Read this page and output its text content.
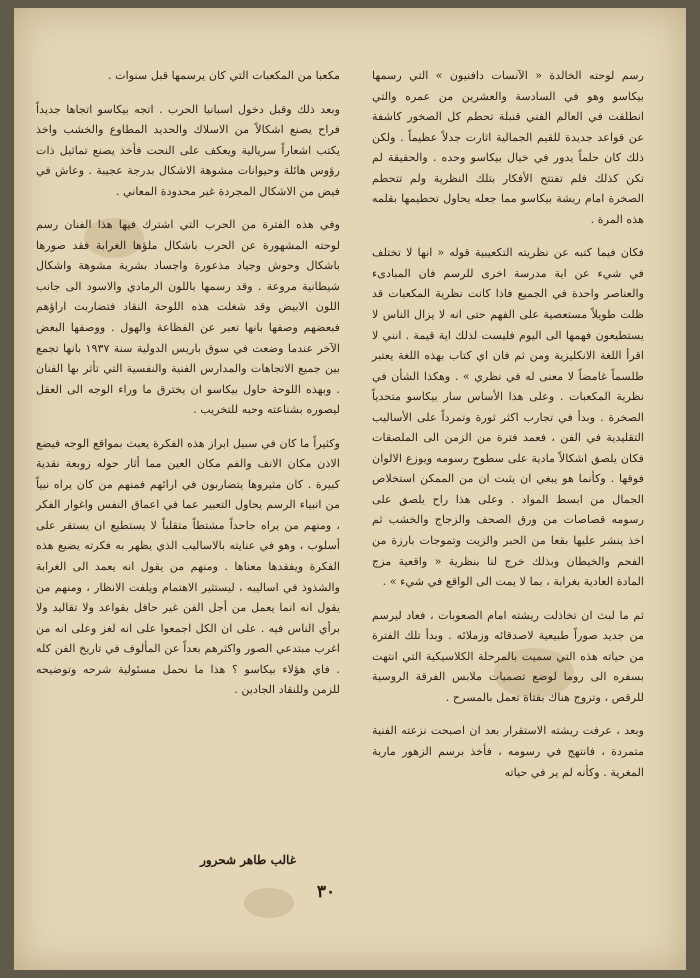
رسم لوحته الخالدة « الآنسات دافنيون » التي رسمها بيكاسو وهو في السادسة والعشرين من عمره والتي انطلقت في العالم الفني قنبلة تحطم كل الصخور كاشفة عن قواعد جديدة للقيم الجمالية اثارت جدلاً عظيماً . ولكن ذلك كان حلماً يدور في خيال بيكاسو وحده . والحقيقة لم تكن كذلك فلم تفتتح الأفكار بتلك النظرية ولم تتحطم الصخرة امام ريشة بيكاسو مما جعله يحاول تحطيمها بقلمه هذه المرة .

فكان فيما كتبه عن نظريته التكعيبية قوله « انها لا تختلف في شيء عن اية مدرسة اخرى للرسم فان المبادىء والعناصر واحدة في الجميع فاذا كانت نظرية المكعبات قد ظلت طويلاً مستعصية على الفهم حتى انه لا يزال الناس لا يستطيعون فهمها الى اليوم فليست لذلك اية قيمة . انني لا اقرأ اللغة الانكليزية ومن ثم فان اي كتاب بهذه اللغة يعتبر طلسماً غامضاً لا معنى له في نظري » . وهكذا الشأن في نظرية المكعبات . وعلى هذا الأساس سار بيكاسو متحدياً الصخرة . وبدأ في تجارب اكثر ثورة وتمرداً على الأساليب التقليدية في الفن ، فعمد فترة من الزمن الى الملصقات فكان يلصق اشكالاً مادية على سطوح رسومه ويوزع الالوان فوقها . وكأنما هو يبغي ان يثبت ان من الممكن استخلاص الجمال من ابسط المواد . وعلى هذا راح يلصق على رسومه قصاصات من ورق الصحف والزجاج والخشب ثم اخذ ينشر عليها بقعا من الحبر والزيت وتموجات بارزة من الفحم والخيطان وبذلك خرج لنا بنظرية « واقعية مزج المادة العادية بغرابة ، بما لا يمت الى الواقع في شيء » .

ثم ما لبث ان تخاذلت ريشته امام الصعوبات ، فعاد ليرسم من جديد صوراً طبيعية لاصدقائه وزملائه . وبدأ تلك الفترة من حياته هذه التي سميت بالمرحلة الكلاسيكية التي انتهت بسفره الى روما لوضع تصميات ملابس الفرقة الروسية للرقص ، وتزوج هناك بفتاة تعمل بالمسرح .

وبعد ، عرفت ريشته الاستقرار بعد ان اصبحت نزعته الفنية متمردة ، فانتهج في رسومه ، فأخذ برسم الزهور مارية المغرية . وكأنه لم ير في حياته

مكعبا من المكعبات التي كان يرسمها قبل سنوات .

وبعد ذلك وقبل دخول اسبانيا الحرب . اتجه بيكاسو اتجاها جديداً فراح يصنع اشكالاً من الاسلاك والحديد المطاوع والخشب واخذ يكتب اشعاراً سريالية ويعكف على النحت فأخذ يصنع تماثيل ذات رؤوس هائلة وحيوانات مشوهة الاشكال بدرجة عجيبة . وعاش في فيض من الاشكال المجردة غير محدودة المعاني .

وفي هذه الفترة من الحرب التي اشترك فيها هذا الفنان رسم لوحته المشهورة عن الحرب باشكال ملؤها الغرابة فقد صورها باشكال وحوش وجياد مذعورة واجساد بشرية مشوهة واشكال شيطانية مروعة . وقد رسمها باللون الرمادي والاسود الى جانب اللون الابيض وقد شغلت هذه اللوحة النقاد فتضاربت اراؤهم فبعضهم وصفها بانها تعبر عن الفظاعة والهول . ووصفها البعض الآخر عندما وضعت في سوق باريس الدولية سنة ١٩٣٧ بانها تجمع بين جميع الاتجاهات والمدارس الفنية والنفسية التي تأثر بها الفنان . وبهذه اللوحة حاول بيكاسو ان يخترق ما وراء الوجه الى العقل ليصوره بشناعته وحبه للتخريب .

وكثيراً ما كان في سبيل ابراز هذه الفكرة يعبث بمواقع الوجه فيضع الاذن مكان الانف والفم مكان العين مما أثار حوله زوبعة نقدية كبيرة . كان مثيروها يتضاربون في ارائهم فمنهم من كان يراه نبياً من انبياء الرسم يحاول التعبير عما في اعماق النفس واغوار الفكر ، ومنهم من يراه جاحداً مشتطاً متقلباً لا يستطيع ان يستقر على أسلوب ، وهو في عنايته بالاساليب الذي يظهر به فكرته يضيع هذه الفكرة ويفقدها معناها . ومنهم من يقول انه يعمد الى الغرابة والشذوذ في اساليبه ، ليستثير الاهتمام ويلفت الانظار ، ومنهم من يقول انه انما يعمل من أجل الفن غير حافل بقواعد ولا تقاليد ولا برأي الناس فيه . على ان الكل اجمعوا على انه لغز وعلى انه من اغرب مبتدعي الصور واكثرهم بعداً عن المألوف في تاريخ الفن كله . فاي هؤلاء بيكاسو ؟ هذا ما نحمل مسئولية شرحه وتوضيحه للزمن وللنقاد الجادين .

غالب طاهر شحرور
٣٠
